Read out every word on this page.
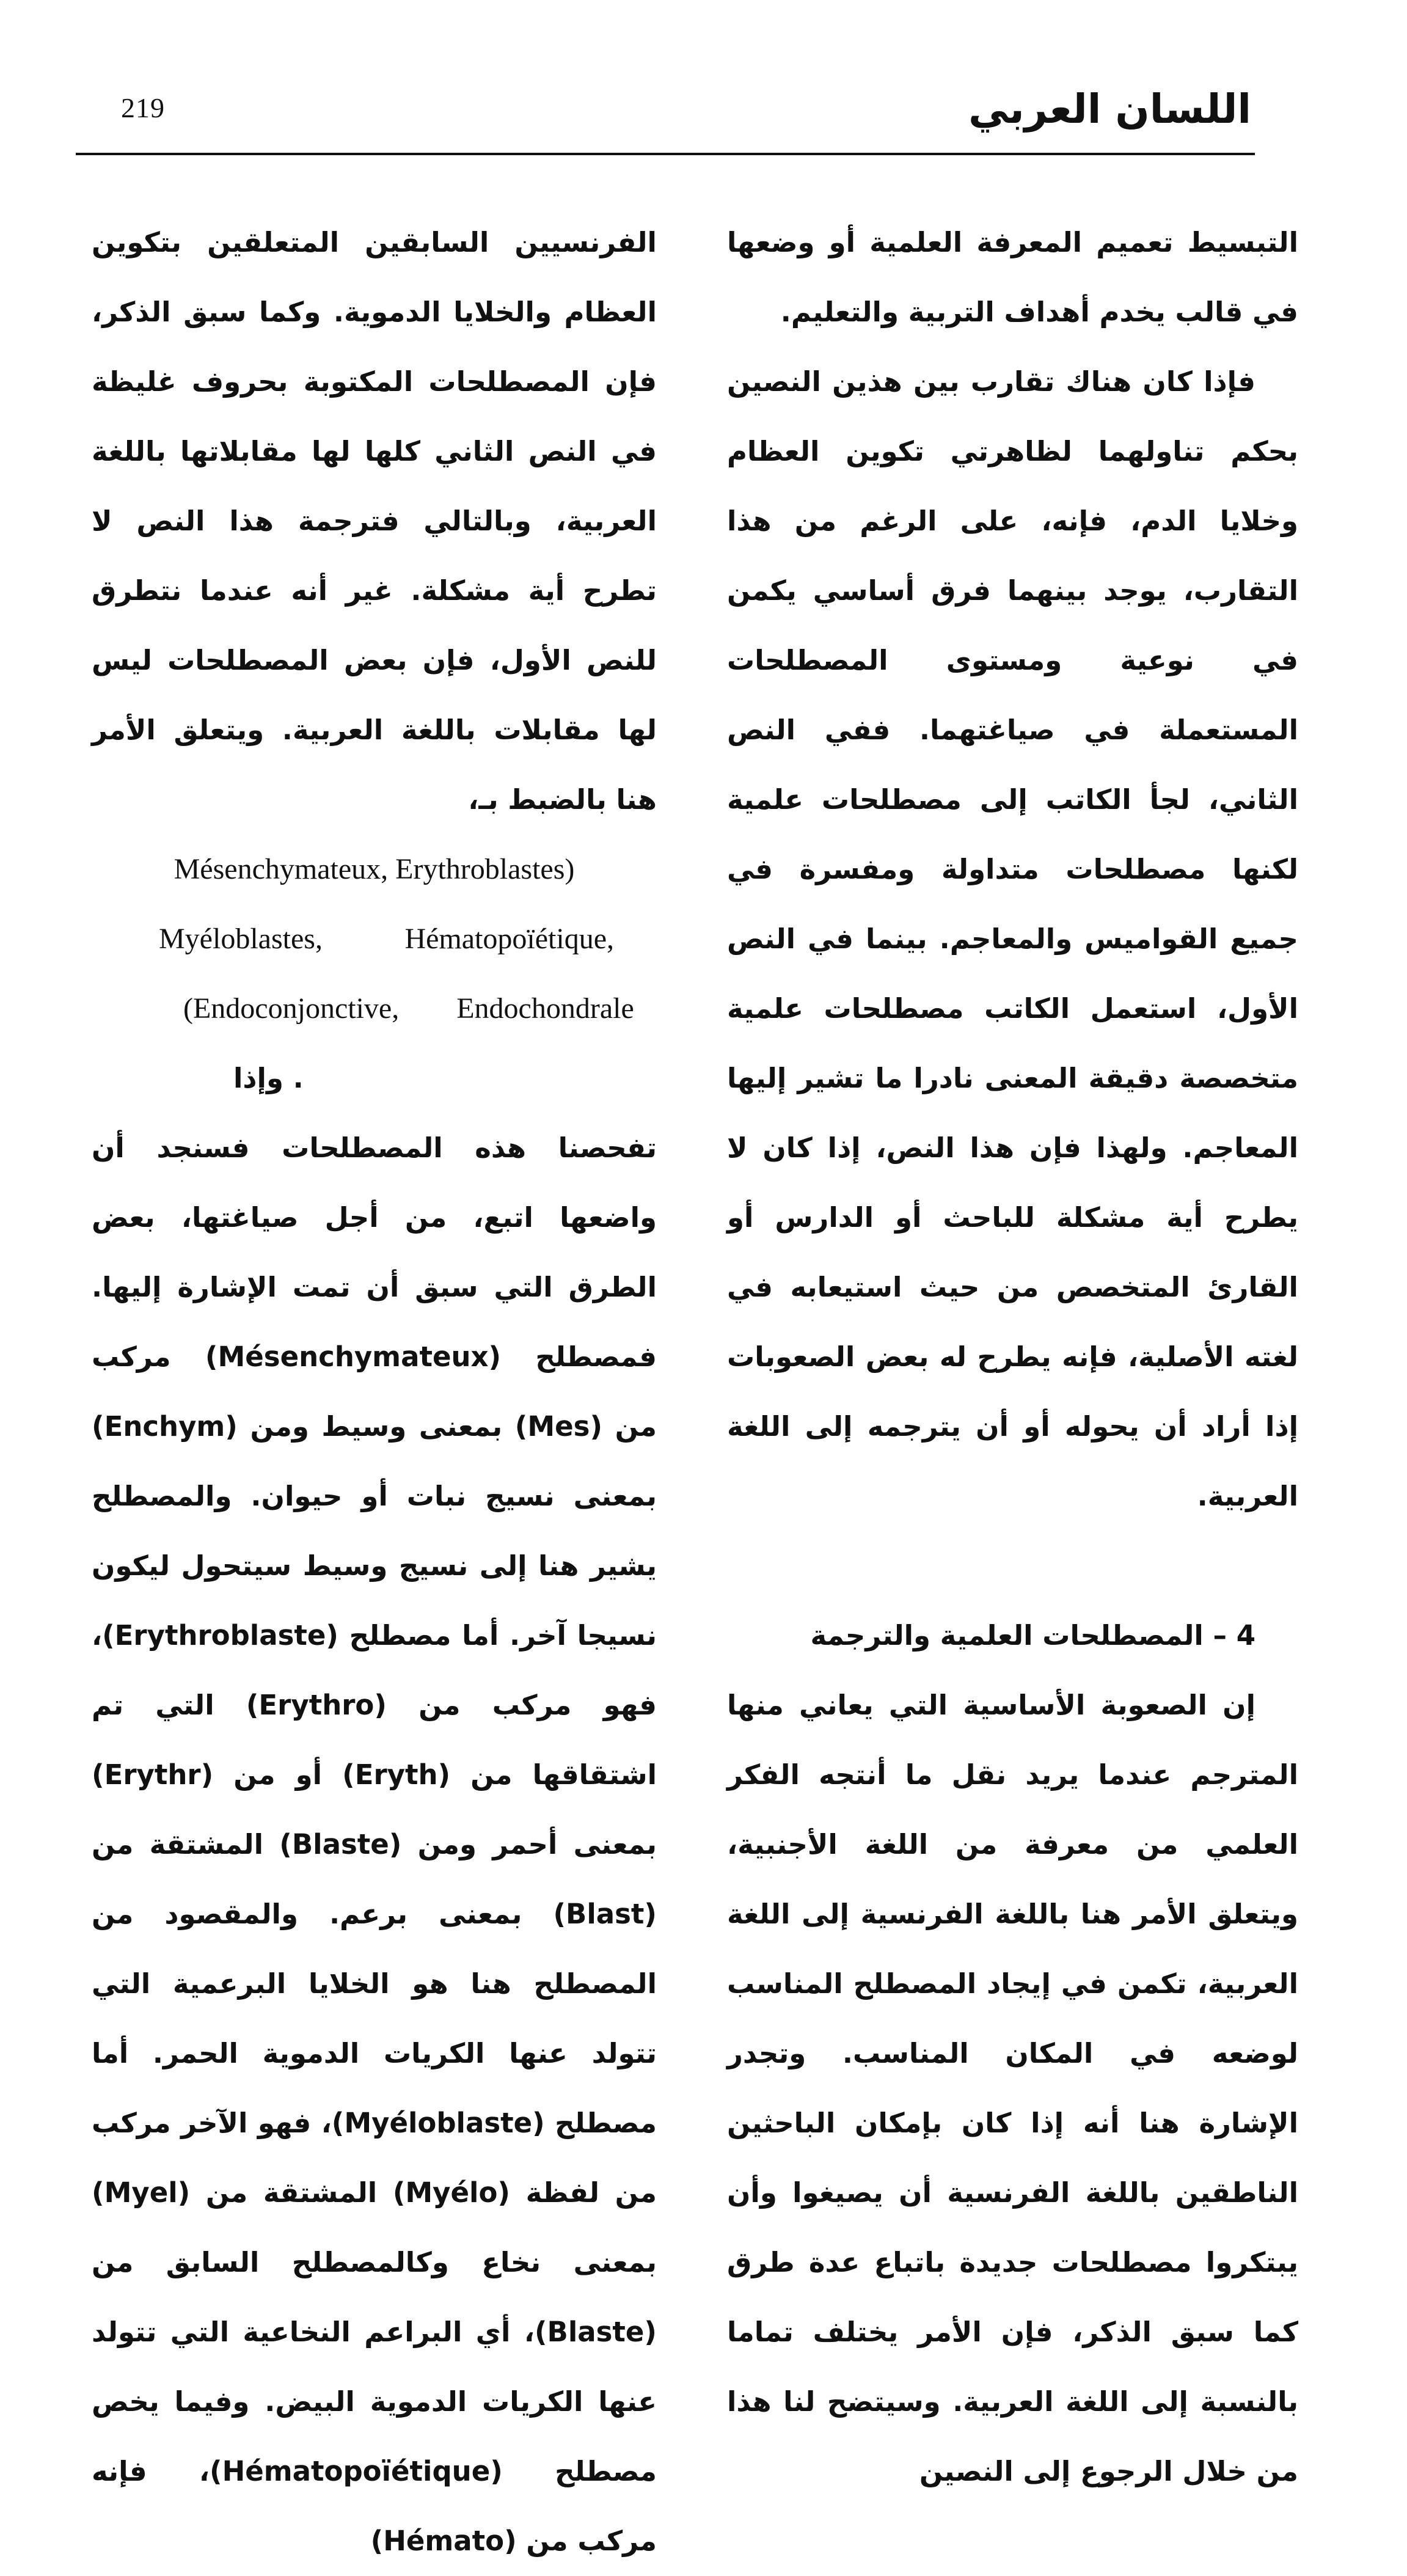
219	اللسان العربي

التبسيط تعميم المعرفة العلمية أو وضعها في قالب يخدم أهداف التربية والتعليم.

فإذا كان هناك تقارب بين هذين النصين بحكم تناولهما لظاهرتي تكوين العظام وخلايا الدم، فإنه، على الرغم من هذا التقارب، يوجد بينهما فرق أساسي يكمن في نوعية ومستوى المصطلحات المستعملة في صياغتهما. ففي النص الثاني، لجأ الكاتب إلى مصطلحات علمية لكنها مصطلحات متداولة ومفسرة في جميع القواميس والمعاجم. بينما في النص الأول، استعمل الكاتب مصطلحات علمية متخصصة دقيقة المعنى نادرا ما تشير إليها المعاجم. ولهذا فإن هذا النص، إذا كان لا يطرح أية مشكلة للباحث أو الدارس أو القارئ المتخصص من حيث استيعابه في لغته الأصلية، فإنه يطرح له بعض الصعوبات إذا أراد أن يحوله أو أن يترجمه إلى اللغة العربية.

4 – المصطلحات العلمية والترجمة

إن الصعوبة الأساسية التي يعاني منها المترجم عندما يريد نقل ما أنتجه الفكر العلمي من معرفة من اللغة الأجنبية، ويتعلق الأمر هنا باللغة الفرنسية إلى اللغة العربية، تكمن في إيجاد المصطلح المناسب لوضعه في المكان المناسب. وتجدر الإشارة هنا أنه إذا كان بإمكان الباحثين الناطقين باللغة الفرنسية أن يصيغوا وأن يبتكروا مصطلحات جديدة باتباع عدة طرق كما سبق الذكر، فإن الأمر يختلف تماما بالنسبة إلى اللغة العربية. وسيتضح لنا هذا من خلال الرجوع إلى النصين

الفرنسيين السابقين المتعلقين بتكوين العظام والخلايا الدموية. وكما سبق الذكر، فإن المصطلحات المكتوبة بحروف غليظة في النص الثاني كلها لها مقابلاتها باللغة العربية، وبالتالي فترجمة هذا النص لا تطرح أية مشكلة. غير أنه عندما نتطرق للنص الأول، فإن بعض المصطلحات ليس لها مقابلات باللغة العربية. ويتعلق الأمر هنا بالضبط بـ،

Mésenchymateux, Erythroblastes)
Myéloblastes,	Hématopoïétique,
(Endoconjonctive, Endochondrale  . وإذا

تفحصنا هذه المصطلحات فسنجد أن واضعها اتبع، من أجل صياغتها، بعض الطرق التي سبق أن تمت الإشارة إليها. فمصطلح (Mésenchymateux) مركب من (Mes) بمعنى وسيط ومن (Enchym) بمعنى نسيج نبات أو حيوان. والمصطلح يشير هنا إلى نسيج وسيط سيتحول ليكون نسيجا آخر. أما مصطلح (Erythroblaste)، فهو مركب من (Erythro) التي تم اشتقاقها من (Eryth) أو من (Erythr) بمعنى أحمر ومن (Blaste) المشتقة من (Blast) بمعنى برعم. والمقصود من المصطلح هنا هو الخلايا البرعمية التي تتولد عنها الكريات الدموية الحمر. أما مصطلح (Myéloblaste)، فهو الآخر مركب من لفظة (Myélo) المشتقة من (Myel) بمعنى نخاع وكالمصطلح السابق من (Blaste)، أي البراعم النخاعية التي تتولد عنها الكريات الدموية البيض. وفيما يخص مصطلح (Hématopoïétique)، فإنه مركب من (Hémato)
